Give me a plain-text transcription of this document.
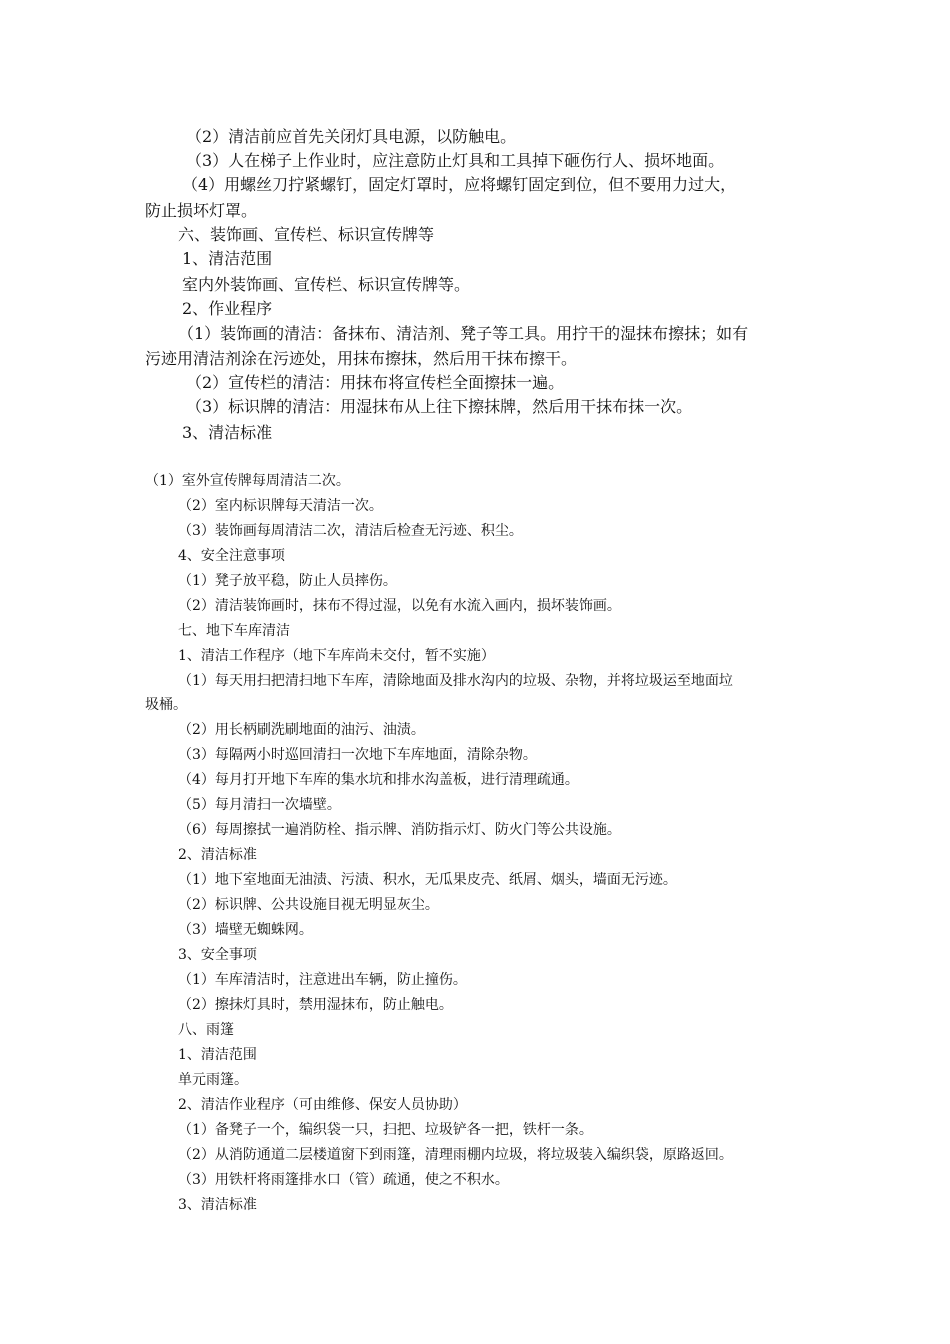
（2）清洁前应首先关闭灯具电源，以防触电。

（3）人在梯子上作业时，应注意防止灯具和工具掉下砸伤行人、损坏地面。

（4）用螺丝刀拧紧螺钉，固定灯罩时，应将螺钉固定到位，但不要用力过大，

防止损坏灯罩。

六、装饰画、宣传栏、标识宣传牌等

1、清洁范围

室内外装饰画、宣传栏、标识宣传牌等。

2、作业程序

（1）装饰画的清洁：备抹布、清洁剂、凳子等工具。用拧干的湿抹布擦抹；如有

污迹用清洁剂涂在污迹处，用抹布擦抹，然后用干抹布擦干。

（2）宣传栏的清洁：用抹布将宣传栏全面擦抹一遍。

（3）标识牌的清洁：用湿抹布从上往下擦抹牌，然后用干抹布抹一次。

3、清洁标准

（1）室外宣传牌每周清洁二次。

（2）室内标识牌每天清洁一次。

（3）装饰画每周清洁二次，清洁后检查无污迹、积尘。

4、安全注意事项

（1）凳子放平稳，防止人员摔伤。

（2）清洁装饰画时，抹布不得过湿，以免有水流入画内，损坏装饰画。

七、地下车库清洁

1、清洁工作程序（地下车库尚未交付，暂不实施）

（1）每天用扫把清扫地下车库，清除地面及排水沟内的垃圾、杂物，并将垃圾运至地面垃

圾桶。

（2）用长柄刷洗刷地面的油污、油渍。

（3）每隔两小时巡回清扫一次地下车库地面，清除杂物。

（4）每月打开地下车库的集水坑和排水沟盖板，进行清理疏通。

（5）每月清扫一次墙壁。

（6）每周擦拭一遍消防栓、指示牌、消防指示灯、防火门等公共设施。

2、清洁标准

（1）地下室地面无油渍、污渍、积水，无瓜果皮壳、纸屑、烟头，墙面无污迹。

（2）标识牌、公共设施目视无明显灰尘。

（3）墙壁无蜘蛛网。

3、安全事项

（1）车库清洁时，注意进出车辆，防止撞伤。

（2）擦抹灯具时，禁用湿抹布，防止触电。

八、雨篷

1、清洁范围

单元雨篷。

2、清洁作业程序（可由维修、保安人员协助）

（1）备凳子一个，编织袋一只，扫把、垃圾铲各一把，铁杆一条。

（2）从消防通道二层楼道窗下到雨篷，清理雨棚内垃圾，将垃圾装入编织袋，原路返回。

（3）用铁杆将雨篷排水口（管）疏通，使之不积水。

3、清洁标准
